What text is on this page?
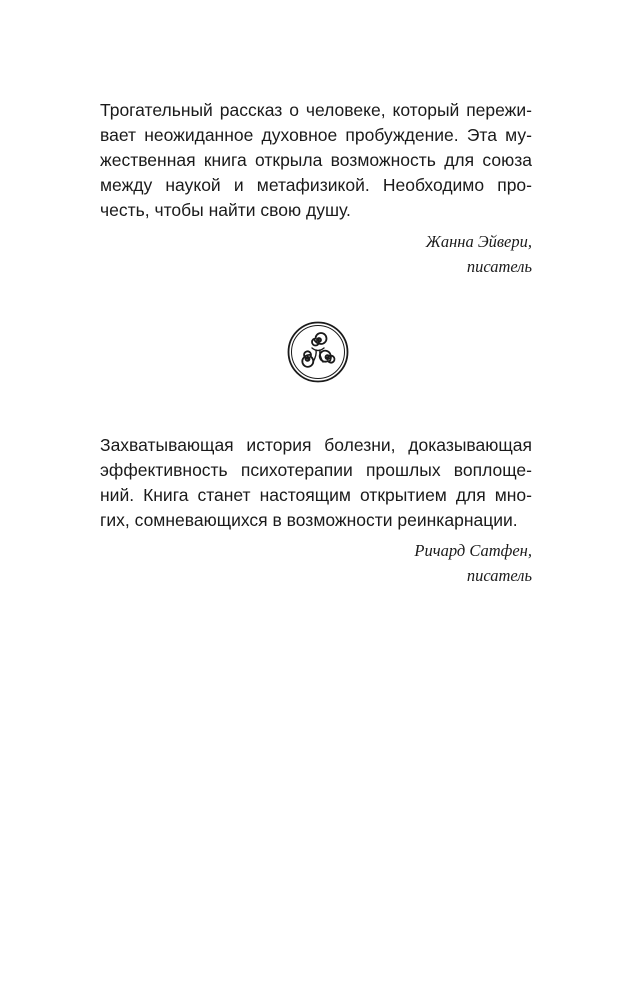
Трогательный рассказ о человеке, который пережи-
вает неожиданное духовное пробуждение. Эта му-
жественная книга открыла возможность для союза
между наукой и метафизикой. Необходимо про-
честь, чтобы найти свою душу.

Жанна Эйвери,
писатель

Захватывающая история болезни, доказывающая
эффективность психотерапии прошлых воплоще-
ний. Книга станет настоящим открытием для мно-
гих, сомневающихся в возможности реинкарнации.

Ричард Сатфен,
писатель
